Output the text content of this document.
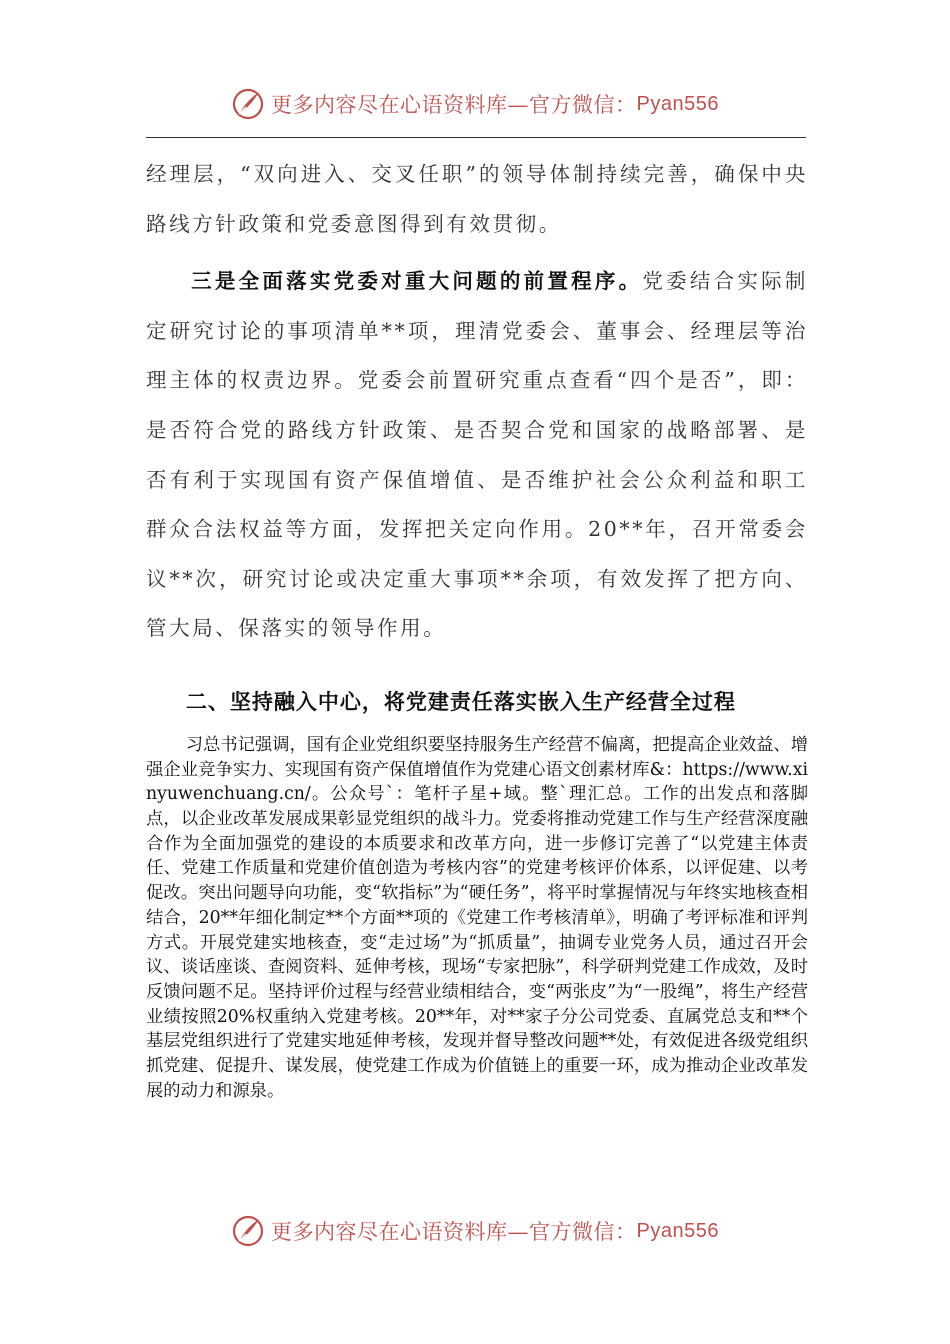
更多内容尽在心语资料库—官方微信： Pyan556

经理层，“双向进入、交叉任职”的领导体制持续完善，确保中央路线方针政策和党委意图得到有效贯彻。

三是全面落实党委对重大问题的前置程序。党委结合实际制定研究讨论的事项清单**项，理清党委会、董事会、经理层等治理主体的权责边界。党委会前置研究重点查看“四个是否”，即：是否符合党的路线方针政策、是否契合党和国家的战略部署、是否有利于实现国有资产保值增值、是否维护社会公众利益和职工群众合法权益等方面，发挥把关定向作用。20**年，召开常委会议**次，研究讨论或决定重大事项**余项，有效发挥了把方向、管大局、保落实的领导作用。

二、坚持融入中心，将党建责任落实嵌入生产经营全过程

习总书记强调，国有企业党组织要坚持服务生产经营不偏离，把提高企业效益、增强企业竞争实力、实现国有资产保值增值作为党建心语文创素材库&：https://www.xinyuwenchuang.cn/。公众号`：笔杆子星+域。整`理汇总。工作的出发点和落脚点，以企业改革发展成果彰显党组织的战斗力。党委将推动党建工作与生产经营深度融合作为全面加强党的建设的本质要求和改革方向，进一步修订完善了“以党建主体责任、党建工作质量和党建价值创造为考核内容”的党建考核评价体系，以评促建、以考促改。突出问题导向功能，变“软指标”为“硬任务”，将平时掌握情况与年终实地核查相结合，20**年细化制定**个方面**项的《党建工作考核清单》，明确了考评标准和评判方式。开展党建实地核查，变“走过场”为“抓质量”，抽调专业党务人员，通过召开会议、谈话座谈、查阅资料、延伸考核，现场“专家把脉”，科学研判党建工作成效，及时反馈问题不足。坚持评价过程与经营业绩相结合，变“两张皮”为“一股绳”，将生产经营业绩按照20%权重纳入党建考核。20**年，对**家子分公司党委、直属党总支和**个基层党组织进行了党建实地延伸考核，发现并督导整改问题**处，有效促进各级党组织抓党建、促提升、谋发展，使党建工作成为价值链上的重要一环，成为推动企业改革发展的动力和源泉。

更多内容尽在心语资料库—官方微信： Pyan556
